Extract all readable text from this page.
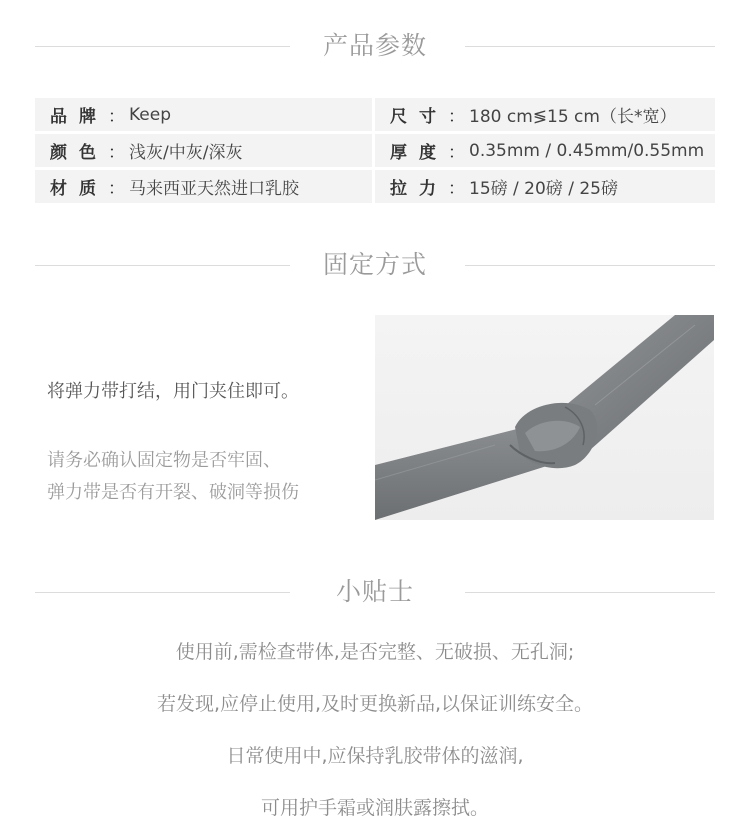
产品参数
品 牌 ： Keep	尺 寸 ： 180 cm≶15 cm（长*宽）
颜 色 ： 浅灰/中灰/深灰	厚 度 ： 0.35mm / 0.45mm/0.55mm
材 质 ： 马来西亚天然进口乳胶	拉 力 ： 15磅 / 20磅 / 25磅
固定方式
将弹力带打结，用门夹住即可。
请务必确认固定物是否牢固、
弹力带是否有开裂、破洞等损伤
小贴士
使用前,需检查带体,是否完整、无破损、无孔洞;
若发现,应停止使用,及时更换新品,以保证训练安全。
日常使用中,应保持乳胶带体的滋润,
可用护手霜或润肤露擦拭。
